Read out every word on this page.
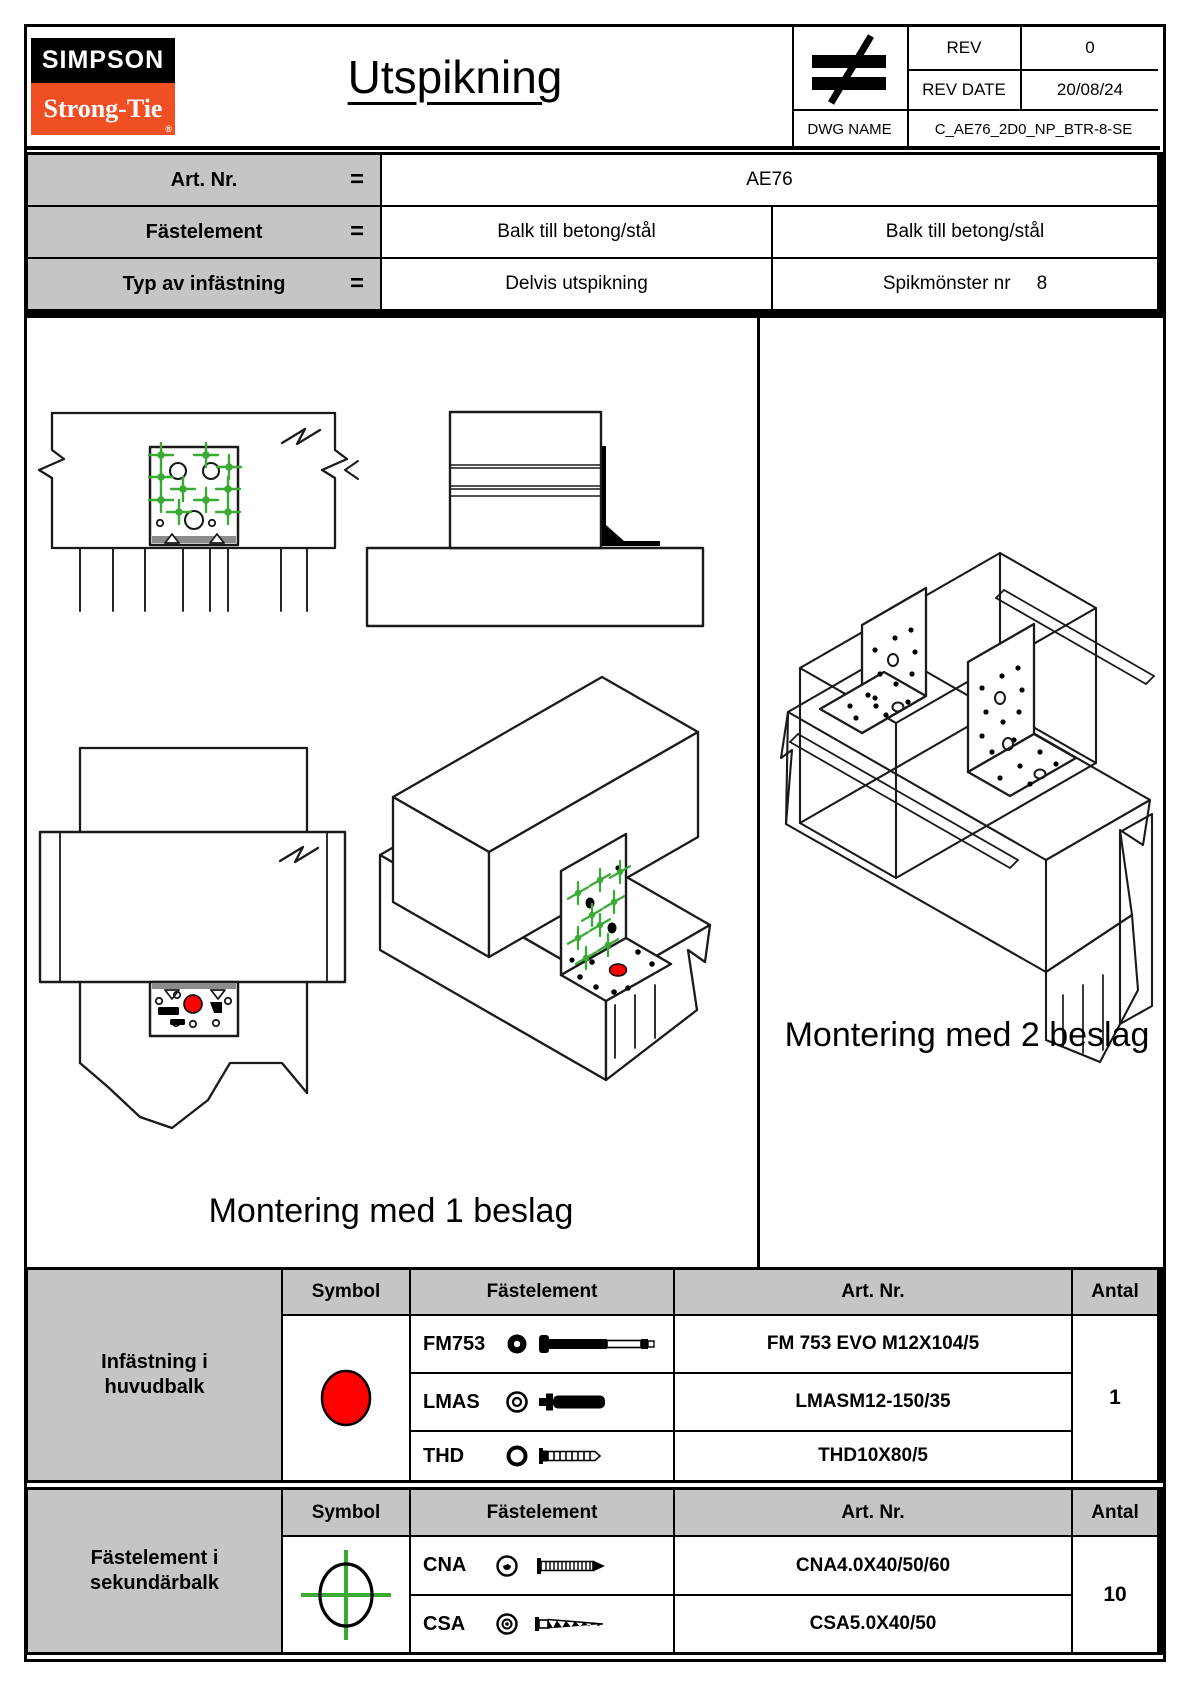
SIMPSON
Strong-Tie
®
Utspikning
REV	0
REV DATE	20/08/24
DWG NAME	C_AE76_2D0_NP_BTR-8-SE
Art. Nr.	=	AE76
Fästelement	=	Balk till betong/stål	Balk till betong/stål
Typ av infästning	=	Delvis utspikning	Spikmönster nr 8
Montering med 1 beslag
Montering med 2 beslag
Infästning i huvudbalk
Symbol	Fästelement	Art. Nr.	Antal
FM753	FM 753 EVO M12X104/5
LMAS	LMASM12-150/35
THD	THD10X80/5
1
Fästelement i sekundärbalk
Symbol	Fästelement	Art. Nr.	Antal
CNA	CNA4.0X40/50/60
CSA	CSA5.0X40/50
10
